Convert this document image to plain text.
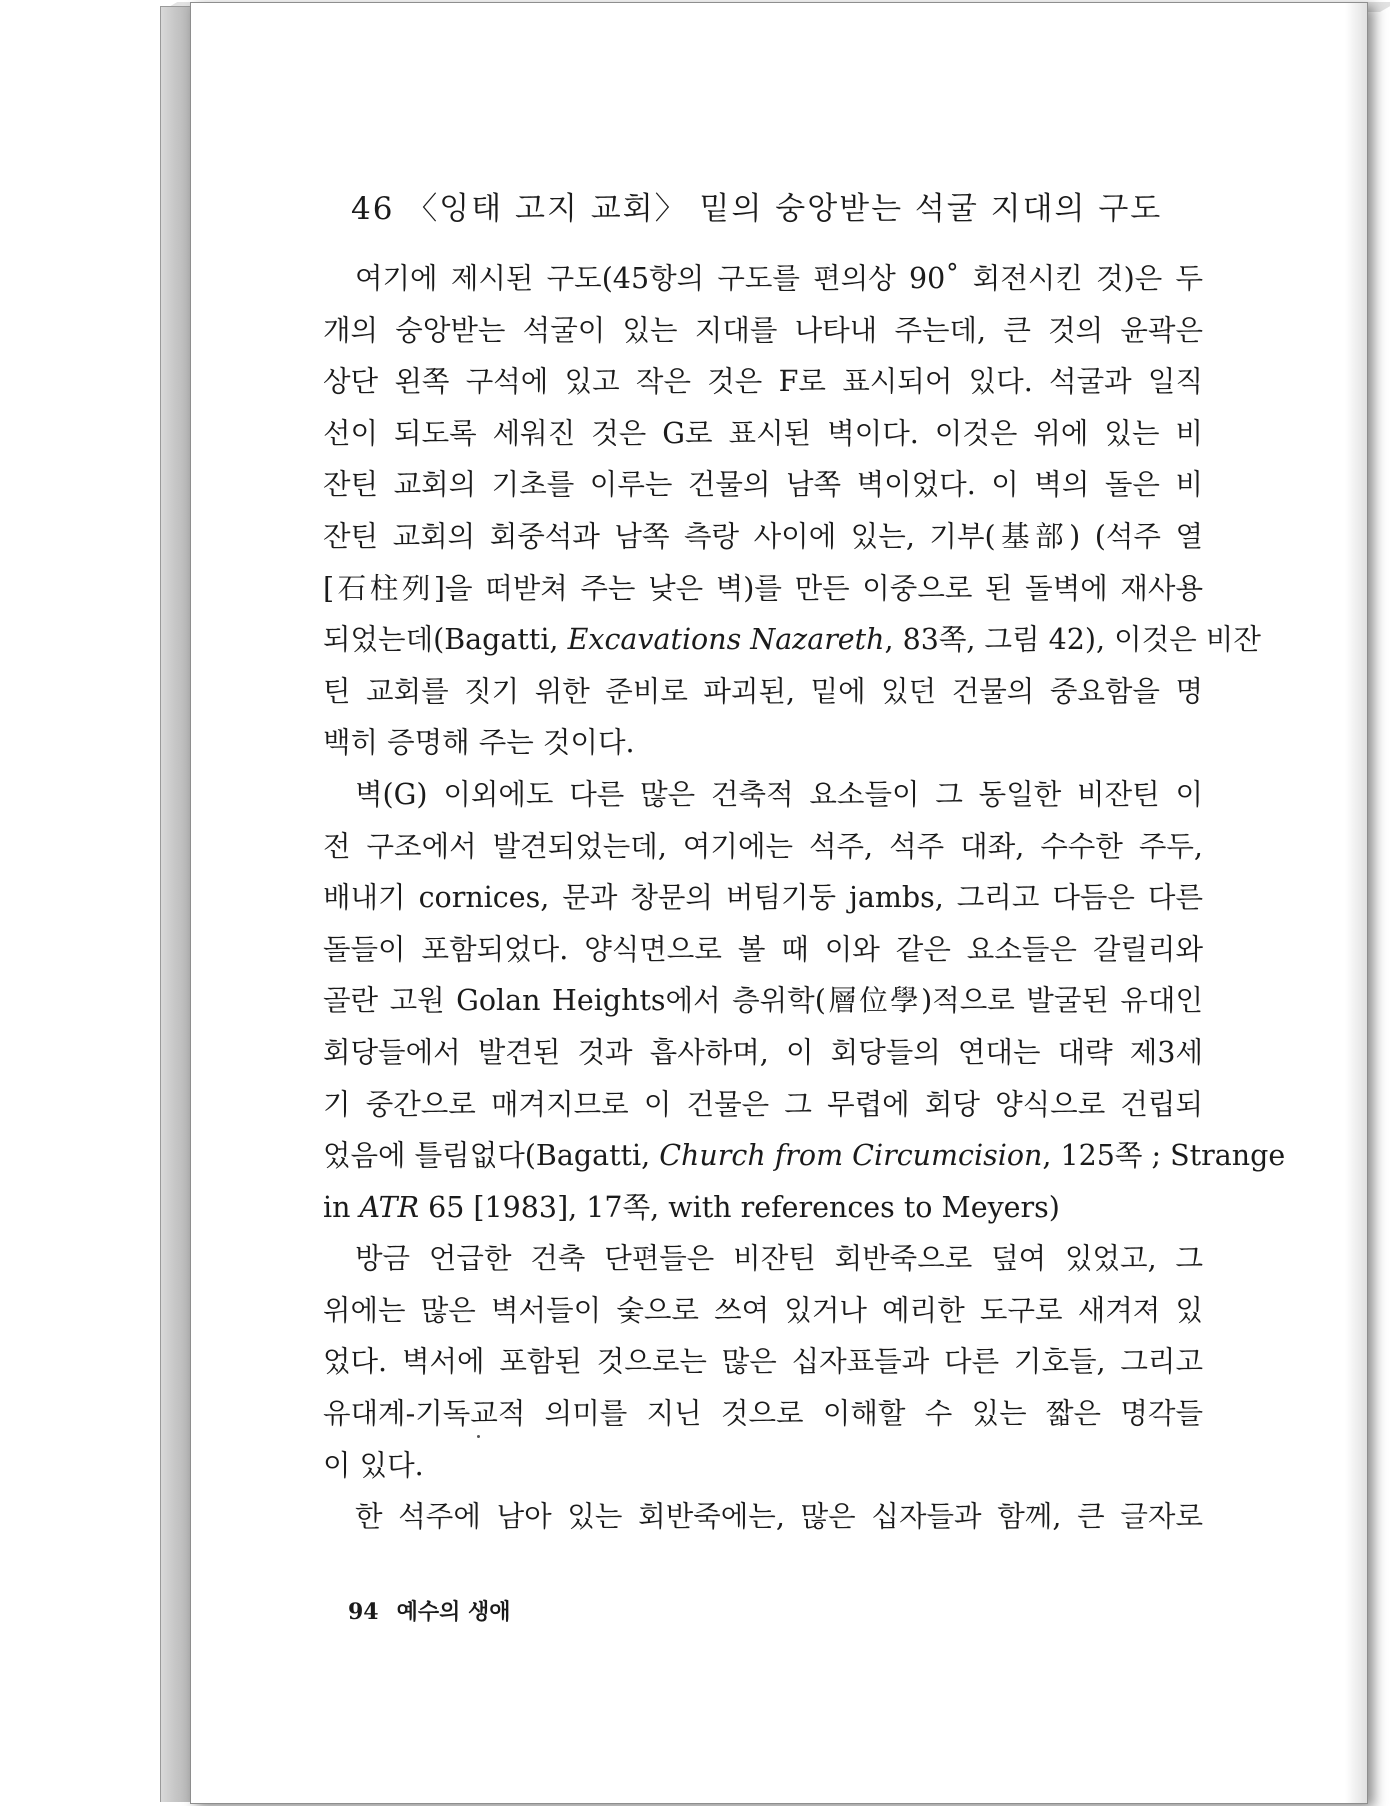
46 〈잉태 고지 교회〉 밑의 숭앙받는 석굴 지대의 구도

여기에 제시된 구도(45항의 구도를 편의상 90˚ 회전시킨 것)은 두
개의 숭앙받는 석굴이 있는 지대를 나타내 주는데, 큰 것의 윤곽은
상단 왼쪽 구석에 있고 작은 것은 F로 표시되어 있다. 석굴과 일직
선이 되도록 세워진 것은 G로 표시된 벽이다. 이것은 위에 있는 비
잔틴 교회의 기초를 이루는 건물의 남쪽 벽이었다. 이 벽의 돌은 비
잔틴 교회의 회중석과 남쪽 측랑 사이에 있는, 기부(基部) (석주 열
[石柱列]을 떠받쳐 주는 낮은 벽)를 만든 이중으로 된 돌벽에 재사용
되었는데(Bagatti, Excavations Nazareth, 83쪽, 그림 42), 이것은 비잔
틴 교회를 짓기 위한 준비로 파괴된, 밑에 있던 건물의 중요함을 명
백히 증명해 주는 것이다.

벽(G) 이외에도 다른 많은 건축적 요소들이 그 동일한 비잔틴 이
전 구조에서 발견되었는데, 여기에는 석주, 석주 대좌, 수수한 주두,
배내기 cornices, 문과 창문의 버팀기둥 jambs, 그리고 다듬은 다른
돌들이 포함되었다. 양식면으로 볼 때 이와 같은 요소들은 갈릴리와
골란 고원 Golan Heights에서 층위학(層位學)적으로 발굴된 유대인
회당들에서 발견된 것과 흡사하며, 이 회당들의 연대는 대략 제3세
기 중간으로 매겨지므로 이 건물은 그 무렵에 회당 양식으로 건립되
었음에 틀림없다(Bagatti, Church from Circumcision, 125쪽 ; Strange
in ATR 65 [1983], 17쪽, with references to Meyers)

방금 언급한 건축 단편들은 비잔틴 회반죽으로 덮여 있었고, 그
위에는 많은 벽서들이 숯으로 쓰여 있거나 예리한 도구로 새겨져 있
었다. 벽서에 포함된 것으로는 많은 십자표들과 다른 기호들, 그리고
유대계-기독교적 의미를 지닌 것으로 이해할 수 있는 짧은 명각들
이 있다.

한 석주에 남아 있는 회반죽에는, 많은 십자들과 함께, 큰 글자로

94 예수의 생애
